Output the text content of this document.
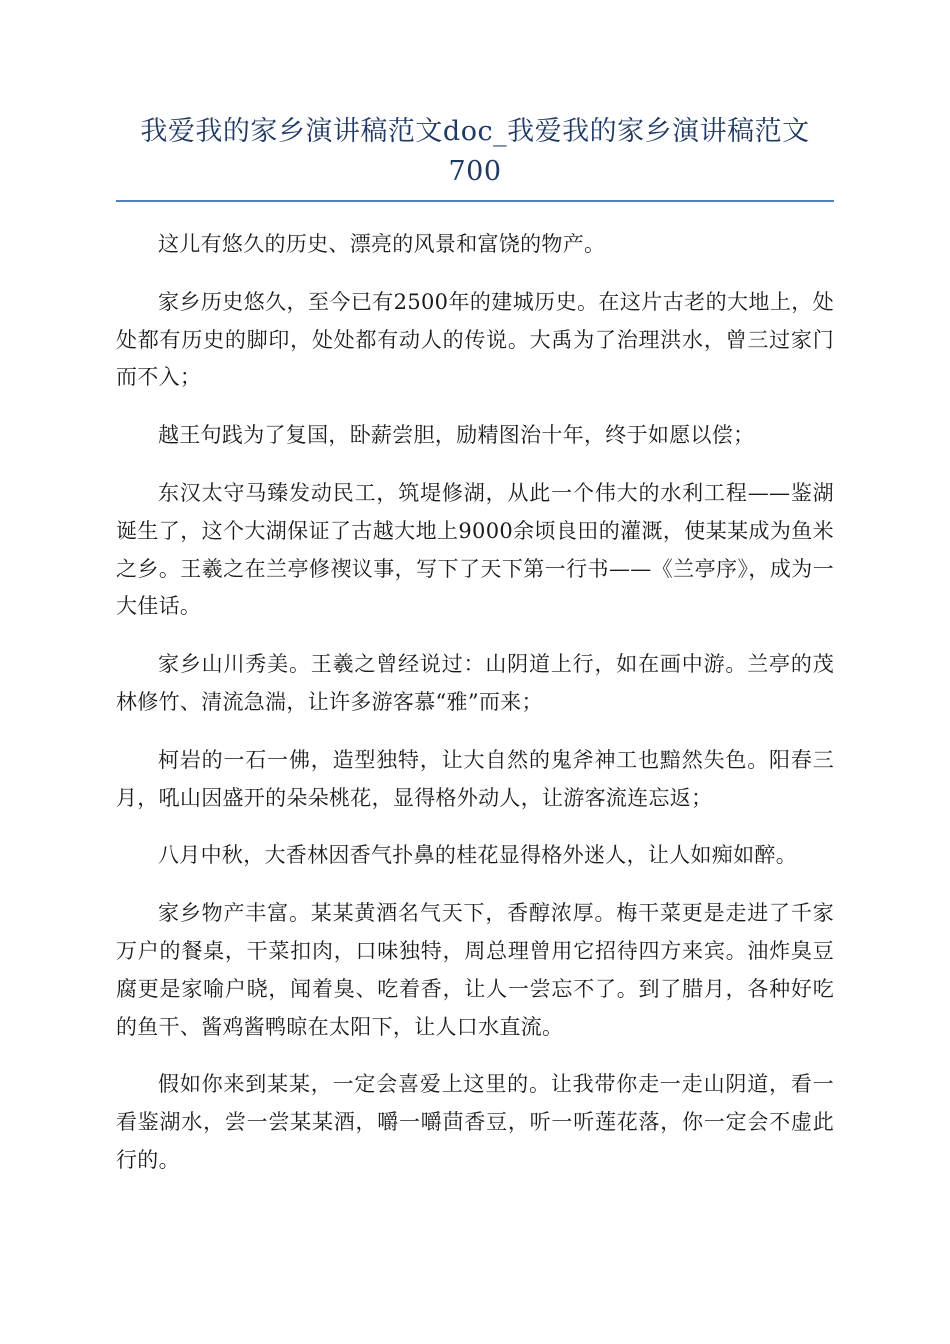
我爱我的家乡演讲稿范文doc_我爱我的家乡演讲稿范文700

这儿有悠久的历史、漂亮的风景和富饶的物产。

家乡历史悠久，至今已有2500年的建城历史。在这片古老的大地上，处处都有历史的脚印，处处都有动人的传说。大禹为了治理洪水，曾三过家门而不入；

越王句践为了复国，卧薪尝胆，励精图治十年，终于如愿以偿；

东汉太守马臻发动民工，筑堤修湖，从此一个伟大的水利工程——鉴湖诞生了，这个大湖保证了古越大地上9000余顷良田的灌溉，使某某成为鱼米之乡。王羲之在兰亭修禊议事，写下了天下第一行书——《兰亭序》，成为一大佳话。

家乡山川秀美。王羲之曾经说过：山阴道上行，如在画中游。兰亭的茂林修竹、清流急湍，让许多游客慕“雅”而来；

柯岩的一石一佛，造型独特，让大自然的鬼斧神工也黯然失色。阳春三月，吼山因盛开的朵朵桃花，显得格外动人，让游客流连忘返；

八月中秋，大香林因香气扑鼻的桂花显得格外迷人，让人如痴如醉。

家乡物产丰富。某某黄酒名气天下，香醇浓厚。梅干菜更是走进了千家万户的餐桌，干菜扣肉，口味独特，周总理曾用它招待四方来宾。油炸臭豆腐更是家喻户晓，闻着臭、吃着香，让人一尝忘不了。到了腊月，各种好吃的鱼干、酱鸡酱鸭晾在太阳下，让人口水直流。

假如你来到某某，一定会喜爱上这里的。让我带你走一走山阴道，看一看鉴湖水，尝一尝某某酒，嚼一嚼茴香豆，听一听莲花落，你一定会不虚此行的。
